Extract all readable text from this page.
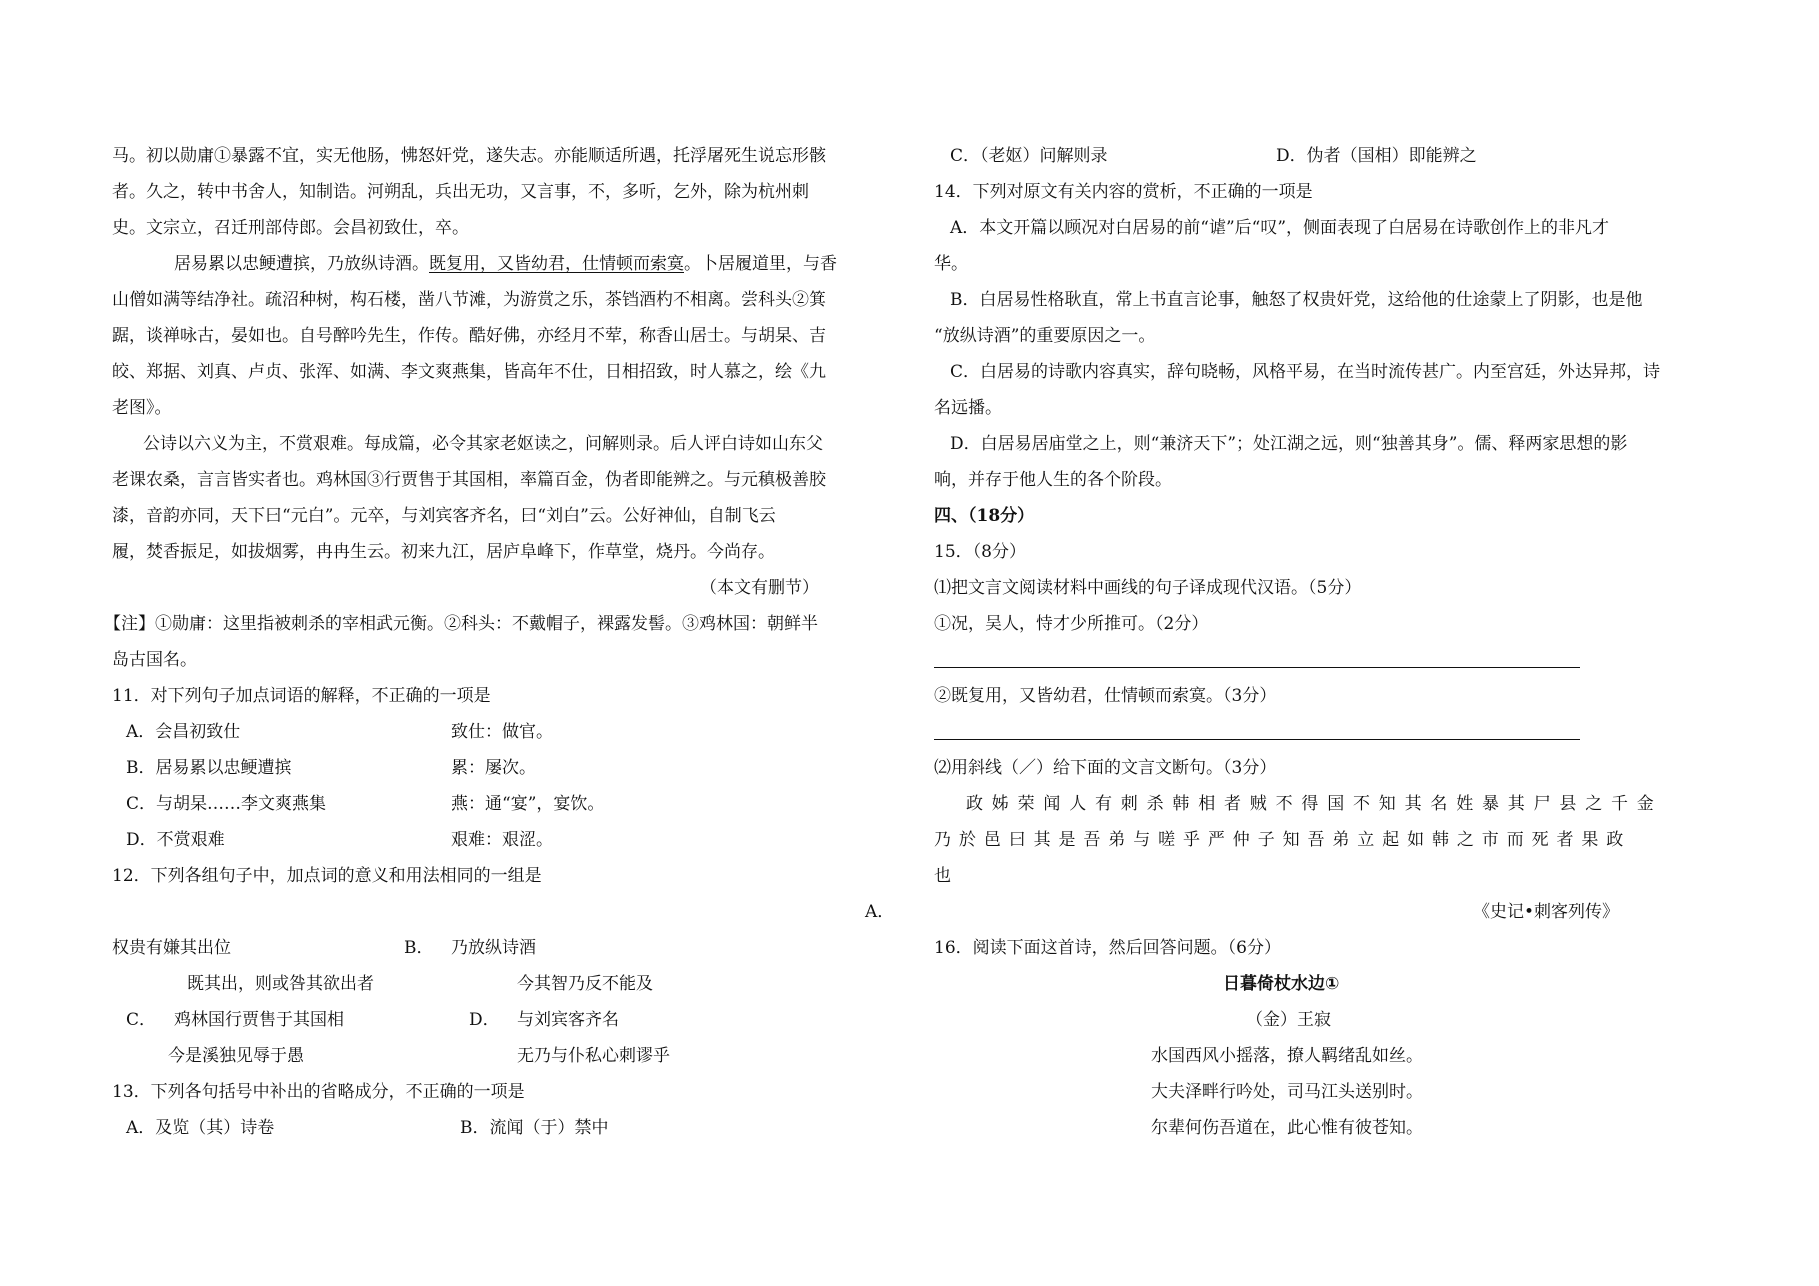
马。初以勋庸①暴露不宜，实无他肠，怫怒奸党，遂失志。亦能顺适所遇，托浮屠死生说忘形骸
者。久之，转中书舍人，知制诰。河朔乱，兵出无功，又言事，不，多听，乞外，除为杭州刺
史。文宗立，召迁刑部侍郎。会昌初致仕，卒。
居易累以忠鲠遭摈，乃放纵诗酒。既复用，又皆幼君，仕情顿而索寞。卜居履道里，与香
山僧如满等结净社。疏沼种树，构石楼，凿八节滩，为游赏之乐，茶铛酒杓不相离。尝科头②箕
踞，谈禅咏古，晏如也。自号醉吟先生，作传。酷好佛，亦经月不荤，称香山居士。与胡杲、吉
皎、郑据、刘真、卢贞、张浑、如满、李文爽燕集，皆高年不仕，日相招致，时人慕之，绘《九
老图》。
公诗以六义为主，不赏艰难。每成篇，必令其家老妪读之，问解则录。后人评白诗如山东父
老课农桑，言言皆实者也。鸡林国③行贾售于其国相，率篇百金，伪者即能辨之。与元稹极善胶
漆，音韵亦同，天下曰“元白”。元卒，与刘宾客齐名，曰“刘白”云。公好神仙，自制飞云
履，焚香振足，如拔烟雾，冉冉生云。初来九江，居庐阜峰下，作草堂，烧丹。今尚存。
（本文有删节）
【注】①勋庸：这里指被刺杀的宰相武元衡。②科头：不戴帽子，裸露发髻。③鸡林国：朝鲜半
岛古国名。
11．对下列句子加点词语的解释，不正确的一项是
A．会昌初致仕	致仕：做官。
B．居易累以忠鲠遭摈	累：屡次。
C．与胡杲……李文爽燕集	燕：通“宴”，宴饮。
D．不赏艰难	艰难：艰涩。
12．下列各组句子中，加点词的意义和用法相同的一组是
A．
权贵有嫌其出位	B． 乃放纵诗酒
既其出，则或咎其欲出者	今其智乃反不能及
C． 鸡林国行贾售于其国相	D． 与刘宾客齐名
今是溪独见辱于愚	无乃与仆私心刺谬乎
13．下列各句括号中补出的省略成分，不正确的一项是
A．及览（其）诗卷	B．流闻（于）禁中
C．（老妪）问解则录	D．伪者（国相）即能辨之
14．下列对原文有关内容的赏析，不正确的一项是
A．本文开篇以顾况对白居易的前“谑”后“叹”，侧面表现了白居易在诗歌创作上的非凡才
华。
B．白居易性格耿直，常上书直言论事，触怒了权贵奸党，这给他的仕途蒙上了阴影，也是他
“放纵诗酒”的重要原因之一。
C．白居易的诗歌内容真实，辞句晓畅，风格平易，在当时流传甚广。内至宫廷，外达异邦，诗
名远播。
D．白居易居庙堂之上，则“兼济天下”；处江湖之远，则“独善其身”。儒、释两家思想的影
响，并存于他人生的各个阶段。
四、（18分）
15．（8分）
⑴把文言文阅读材料中画线的句子译成现代汉语。（5分）
①况，吴人，恃才少所推可。（2分）
②既复用，又皆幼君，仕情顿而索寞。（3分）
⑵用斜线（／）给下面的文言文断句。（3分）
政姊荣闻人有刺杀韩相者贼不得国不知其名姓暴其尸县之千金
乃於邑曰其是吾弟与嗟乎严仲子知吾弟立起如韩之市而死者果政
也
《史记•刺客列传》
16．阅读下面这首诗，然后回答问题。（6分）
日暮倚杖水边①
（金）王寂
水国西风小摇落，撩人羁绪乱如丝。
大夫泽畔行吟处，司马江头送别时。
尔辈何伤吾道在，此心惟有彼苍知。
